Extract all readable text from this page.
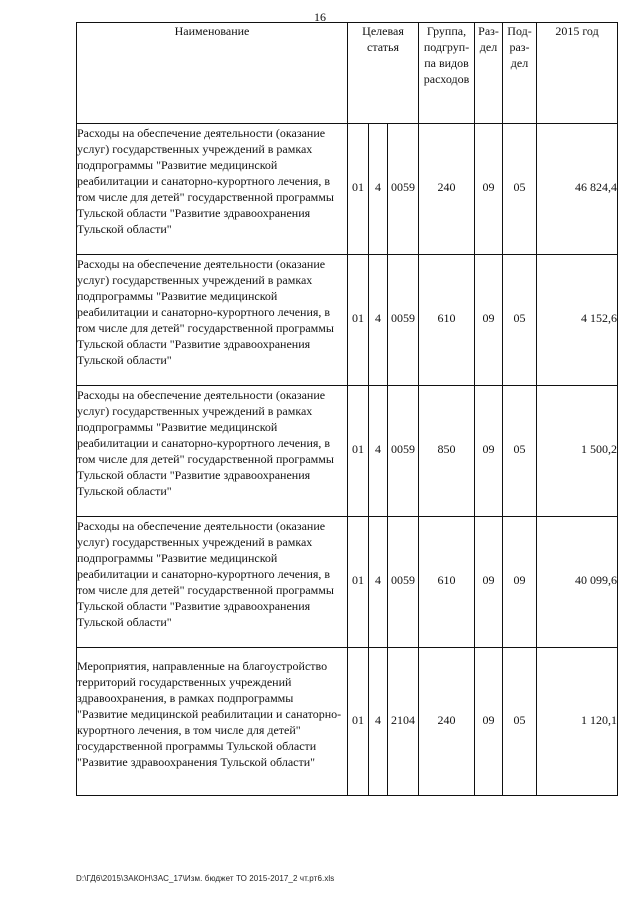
16
Наименование	Целевая статья			Группа, подгруп-па видов расходов	Раз-дел	Под-раз-дел	2015 год

Расходы на обеспечение деятельности (оказание услуг) государственных учреждений в рамках подпрограммы "Развитие медицинской реабилитации и санаторно-курортного лечения, в том числе для детей" государственной программы Тульской области "Развитие здравоохранения Тульской области"	01	4	0059	240	09	05	46 824,4

Расходы на обеспечение деятельности (оказание услуг) государственных учреждений в рамках подпрограммы "Развитие медицинской реабилитации и санаторно-курортного лечения, в том числе для детей" государственной программы Тульской области "Развитие здравоохранения Тульской области"	01	4	0059	610	09	05	4 152,6

Расходы на обеспечение деятельности (оказание услуг) государственных учреждений в рамках подпрограммы "Развитие медицинской реабилитации и санаторно-курортного лечения, в том числе для детей" государственной программы Тульской области "Развитие здравоохранения Тульской области"	01	4	0059	850	09	05	1 500,2

Расходы на обеспечение деятельности (оказание услуг) государственных учреждений в рамках подпрограммы "Развитие медицинской реабилитации и санаторно-курортного лечения, в том числе для детей" государственной программы Тульской области "Развитие здравоохранения Тульской области"	01	4	0059	610	09	09	40 099,6

Мероприятия, направленные на благоустройство территорий государственных учреждений здравоохранения, в рамках подпрограммы "Развитие медицинской реабилитации и санаторно-курортного лечения, в том числе для детей" государственной программы Тульской области "Развитие здравоохранения Тульской области"	01	4	2104	240	09	05	1 120,1
D:\ГД6\2015\ЗАКОН\ЗАС_17\Изм. бюджет ТО 2015-2017_2 чт.рт6.xls
